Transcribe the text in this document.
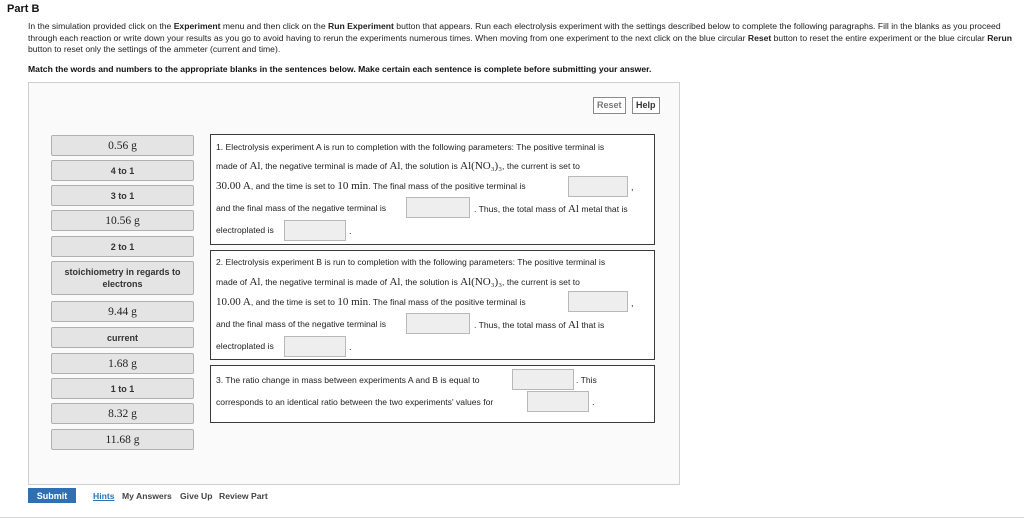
Part B
In the simulation provided click on the Experiment menu and then click on the Run Experiment button that appears. Run each electrolysis experiment with the settings described below to complete the following paragraphs. Fill in the blanks as you proceed through each reaction or write down your results as you go to avoid having to rerun the experiments numerous times. When moving from one experiment to the next click on the blue circular Reset button to reset the entire experiment or the blue circular Rerun button to reset only the settings of the ammeter (current and time).
Match the words and numbers to the appropriate blanks in the sentences below. Make certain each sentence is complete before submitting your answer.
Reset	Help
0.56 g
4 to 1
3 to 1
10.56 g
2 to 1
stoichiometry in regards to electrons
9.44 g
current
1.68 g
1 to 1
8.32 g
11.68 g
1. Electrolysis experiment A is run to completion with the following parameters: The positive terminal is
made of Al, the negative terminal is made of Al, the solution is Al(NO₃)₃, the current is set to
30.00 A, and the time is set to 10 min. The final mass of the positive terminal is	,
and the final mass of the negative terminal is	. Thus, the total mass of Al metal that is
electroplated is	.
2. Electrolysis experiment B is run to completion with the following parameters: The positive terminal is
made of Al, the negative terminal is made of Al, the solution is Al(NO₃)₃, the current is set to
10.00 A, and the time is set to 10 min. The final mass of the positive terminal is	,
and the final mass of the negative terminal is	. Thus, the total mass of Al that is
electroplated is	.
3. The ratio change in mass between experiments A and B is equal to	. This
corresponds to an identical ratio between the two experiments' values for	.
Submit	Hints My Answers Give Up Review Part
